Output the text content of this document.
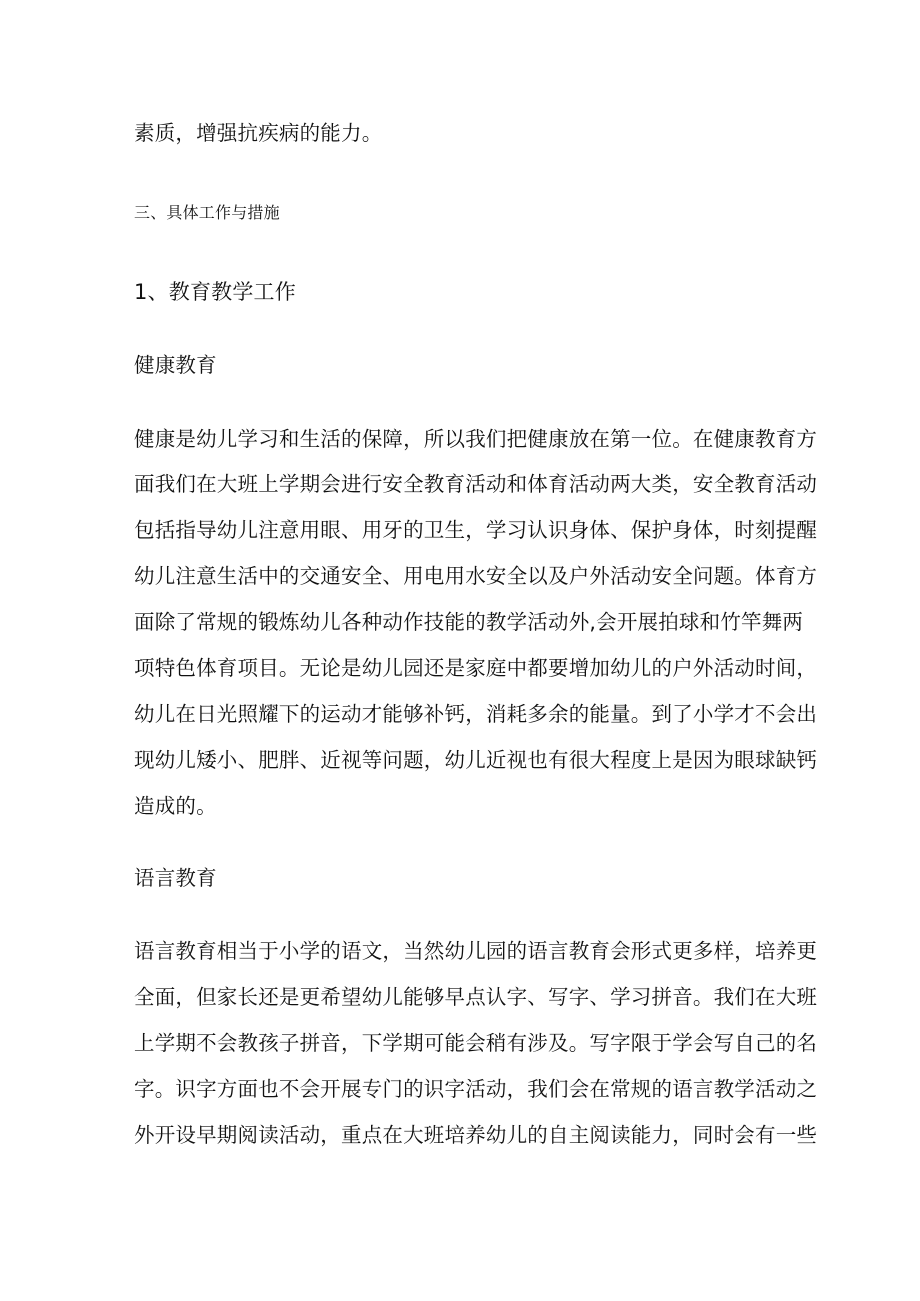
素质，增强抗疾病的能力。
三、具体工作与措施
1、教育教学工作
健康教育
健康是幼儿学习和生活的保障，所以我们把健康放在第一位。在健康教育方
面我们在大班上学期会进行安全教育活动和体育活动两大类，安全教育活动
包括指导幼儿注意用眼、用牙的卫生，学习认识身体、保护身体，时刻提醒
幼儿注意生活中的交通安全、用电用水安全以及户外活动安全问题。体育方
面除了常规的锻炼幼儿各种动作技能的教学活动外,会开展拍球和竹竿舞两
项特色体育项目。无论是幼儿园还是家庭中都要增加幼儿的户外活动时间，
幼儿在日光照耀下的运动才能够补钙，消耗多余的能量。到了小学才不会出
现幼儿矮小、肥胖、近视等问题，幼儿近视也有很大程度上是因为眼球缺钙
造成的。
语言教育
语言教育相当于小学的语文，当然幼儿园的语言教育会形式更多样，培养更
全面，但家长还是更希望幼儿能够早点认字、写字、学习拼音。我们在大班
上学期不会教孩子拼音，下学期可能会稍有涉及。写字限于学会写自己的名
字。识字方面也不会开展专门的识字活动，我们会在常规的语言教学活动之
外开设早期阅读活动，重点在大班培养幼儿的自主阅读能力，同时会有一些
